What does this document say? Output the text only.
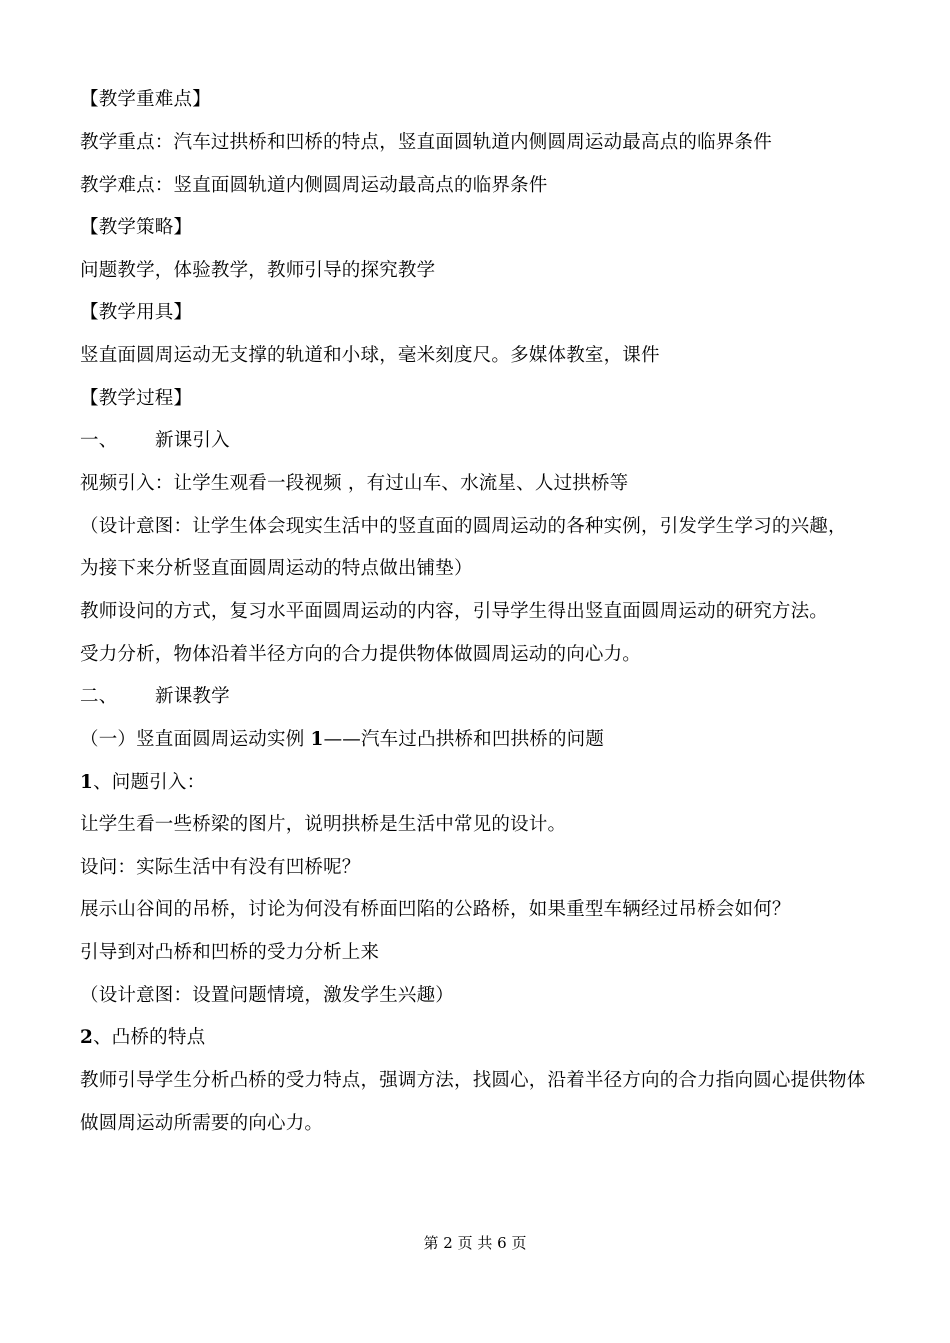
【教学重难点】
教学重点：汽车过拱桥和凹桥的特点，竖直面圆轨道内侧圆周运动最高点的临界条件
教学难点：竖直面圆轨道内侧圆周运动最高点的临界条件
【教学策略】
问题教学，体验教学，教师引导的探究教学
【教学用具】
竖直面圆周运动无支撑的轨道和小球，毫米刻度尺。多媒体教室，课件
【教学过程】
一、 新课引入
视频引入：让学生观看一段视频 ，有过山车、水流星、人过拱桥等
（设计意图：让学生体会现实生活中的竖直面的圆周运动的各种实例，引发学生学习的兴趣，
为接下来分析竖直面圆周运动的特点做出铺垫）
教师设问的方式，复习水平面圆周运动的内容，引导学生得出竖直面圆周运动的研究方法。
受力分析，物体沿着半径方向的合力提供物体做圆周运动的向心力。
二、 新课教学
（一）竖直面圆周运动实例 1——汽车过凸拱桥和凹拱桥的问题
1、问题引入：
让学生看一些桥梁的图片，说明拱桥是生活中常见的设计。
设问：实际生活中有没有凹桥呢？
展示山谷间的吊桥，讨论为何没有桥面凹陷的公路桥，如果重型车辆经过吊桥会如何？
引导到对凸桥和凹桥的受力分析上来
（设计意图：设置问题情境，激发学生兴趣）
2、凸桥的特点
教师引导学生分析凸桥的受力特点，强调方法，找圆心，沿着半径方向的合力指向圆心提供物体
做圆周运动所需要的向心力。
第 2 页 共 6 页
